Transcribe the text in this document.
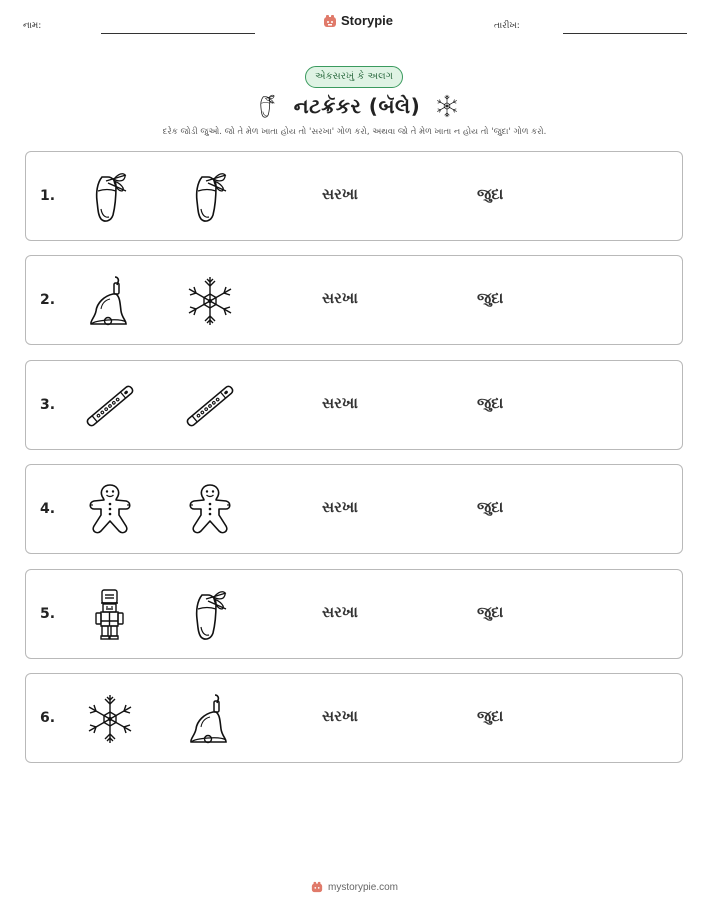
નામ:	Storypie	તારીખ:
એકસરખું કે અલગ
નટક્રૅકર (બૅલે)
દરેક જોડી જુઓ. જો તે મેળ ખાતા હોય તો 'સરખા' ગોળ કરો, અથવા જો તે મેળ ખાતા ન હોય તો 'જુદા' ગોળ કરો.
1.	સરખા	જુદા
2.	સરખા	જુદા
3.	સરખા	જુદા
4.	સરખા	જુદા
5.	સરખા	જુદા
6.	સરખા	જુદા
mystorypie.com
